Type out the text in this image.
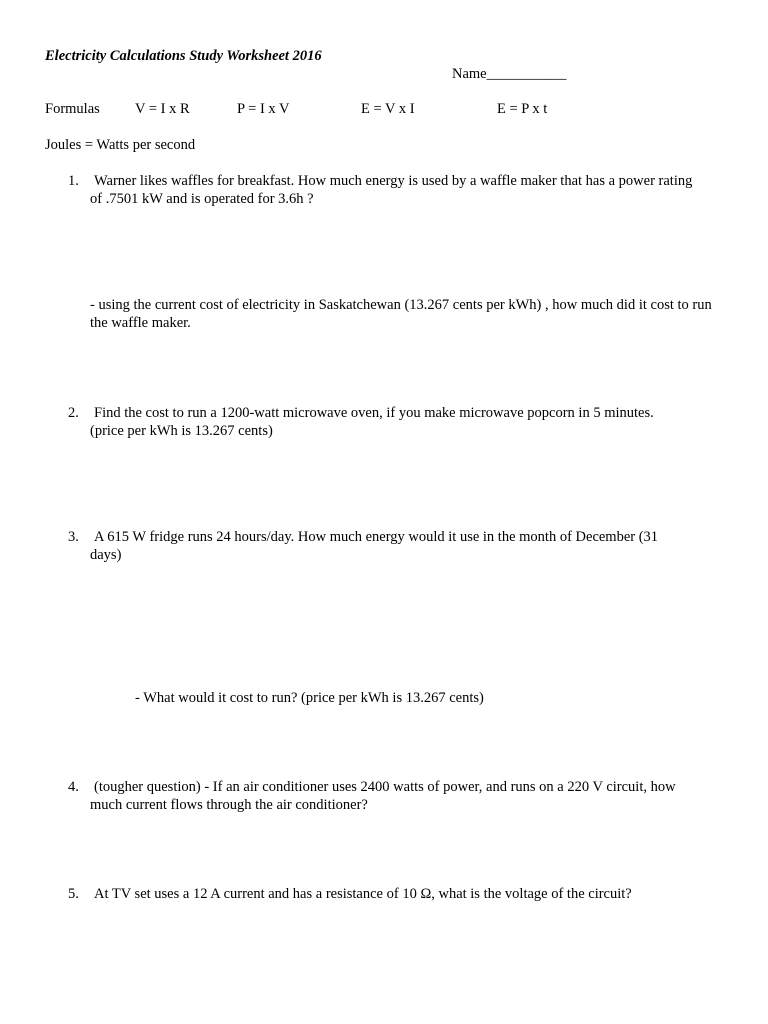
Electricity Calculations Study Worksheet 2016
Name___________
Formulas V = I x R	P = I x V	E = V x I	E = P x t
Joules = Watts per second
1. Warner likes waffles for breakfast. How much energy is used by a waffle maker that has a power rating
of .7501 kW and is operated for 3.6h ?
- using the current cost of electricity in Saskatchewan (13.267 cents per kWh) , how much did it cost to run the waffle maker.
2. Find the cost to run a 1200-watt microwave oven, if you make microwave popcorn in 5 minutes.
(price per kWh is 13.267 cents)
3. A 615 W fridge runs 24 hours/day. How much energy would it use in the month of December (31
days)
- What would it cost to run? (price per kWh is 13.267 cents)
4. (tougher question) - If an air conditioner uses 2400 watts of power, and runs on a 220 V circuit, how
much current flows through the air conditioner?
5. At TV set uses a 12 A current and has a resistance of 10 Ω, what is the voltage of the circuit?
